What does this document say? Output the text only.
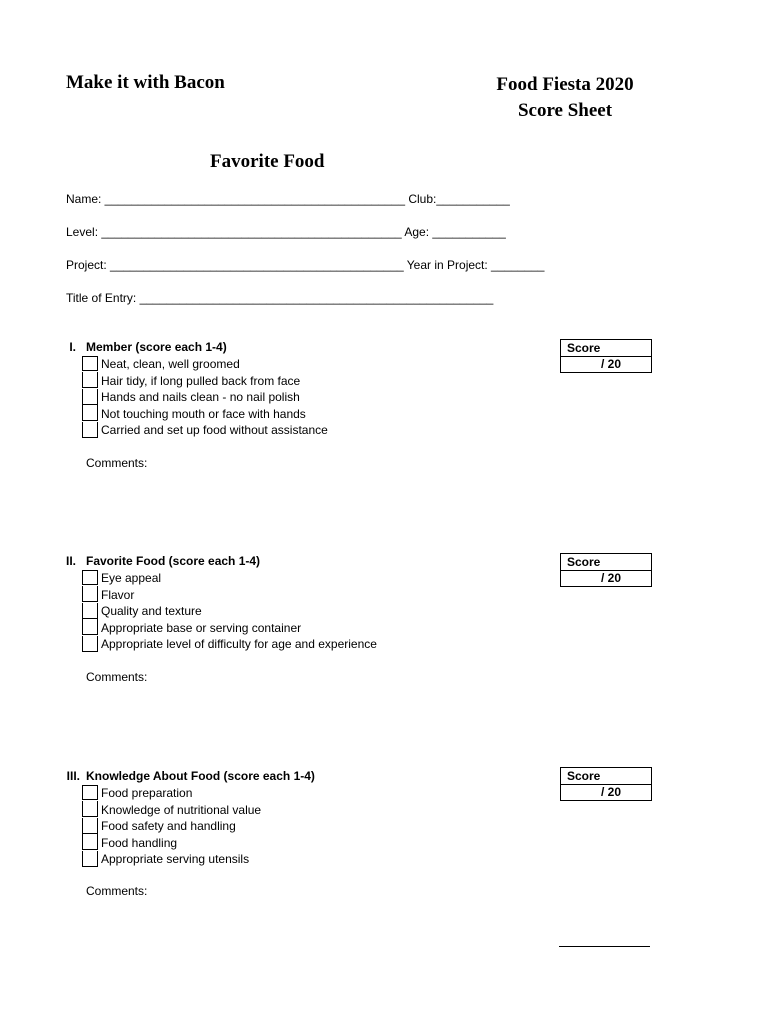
Make it with Bacon	Food Fiesta 2020
Score Sheet
Favorite Food
Name: _____________________________________________ Club:___________
Level: _____________________________________________ Age: ___________
Project: ____________________________________________ Year in Project: ________
Title of Entry: _____________________________________________________
I. Member (score each 1-4)
Neat, clean, well groomed
Hair tidy, if long pulled back from face
Hands and nails clean - no nail polish
Not touching mouth or face with hands
Carried and set up food without assistance
Comments:
Score
/ 20
II. Favorite Food (score each 1-4)
Eye appeal
Flavor
Quality and texture
Appropriate base or serving container
Appropriate level of difficulty for age and experience
Comments:
Score
/ 20
III. Knowledge About Food (score each 1-4)
Food preparation
Knowledge of nutritional value
Food safety and handling
Food handling
Appropriate serving utensils
Comments:
Score
/ 20
